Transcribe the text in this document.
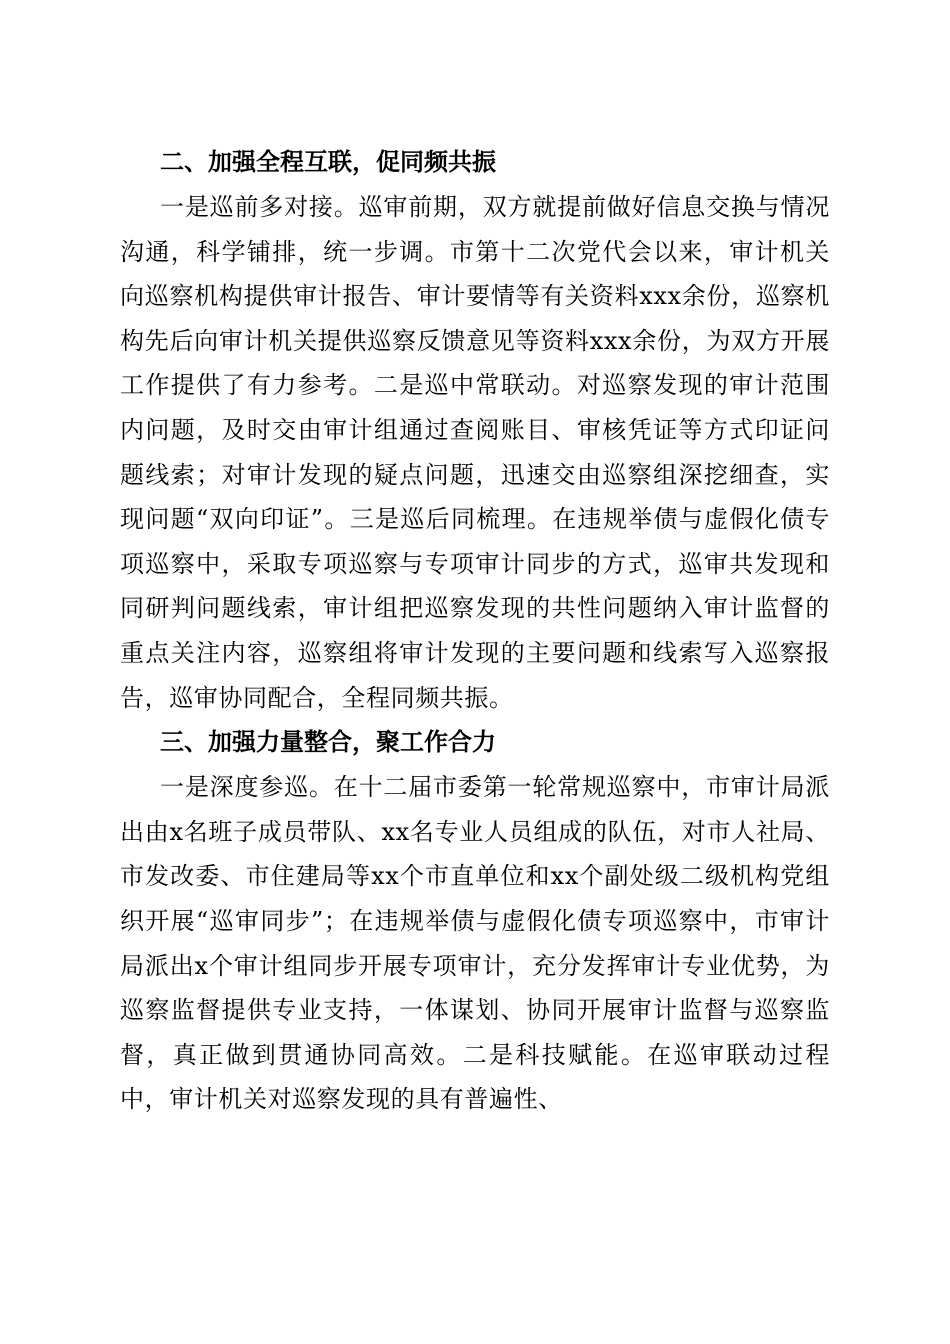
二、加强全程互联，促同频共振

一是巡前多对接。巡审前期，双方就提前做好信息交换与情况沟通，科学铺排，统一步调。市第十二次党代会以来，审计机关向巡察机构提供审计报告、审计要情等有关资料xxx余份，巡察机构先后向审计机关提供巡察反馈意见等资料xxx余份，为双方开展工作提供了有力参考。二是巡中常联动。对巡察发现的审计范围内问题，及时交由审计组通过查阅账目、审核凭证等方式印证问题线索；对审计发现的疑点问题，迅速交由巡察组深挖细查，实现问题“双向印证”。三是巡后同梳理。在违规举债与虚假化债专项巡察中，采取专项巡察与专项审计同步的方式，巡审共发现和同研判问题线索，审计组把巡察发现的共性问题纳入审计监督的重点关注内容，巡察组将审计发现的主要问题和线索写入巡察报告，巡审协同配合，全程同频共振。

三、加强力量整合，聚工作合力

一是深度参巡。在十二届市委第一轮常规巡察中，市审计局派出由x名班子成员带队、xx名专业人员组成的队伍，对市人社局、市发改委、市住建局等xx个市直单位和xx个副处级二级机构党组织开展“巡审同步”；在违规举债与虚假化债专项巡察中，市审计局派出x个审计组同步开展专项审计，充分发挥审计专业优势，为巡察监督提供专业支持，一体谋划、协同开展审计监督与巡察监督，真正做到贯通协同高效。二是科技赋能。在巡审联动过程中，审计机关对巡察发现的具有普遍性、
